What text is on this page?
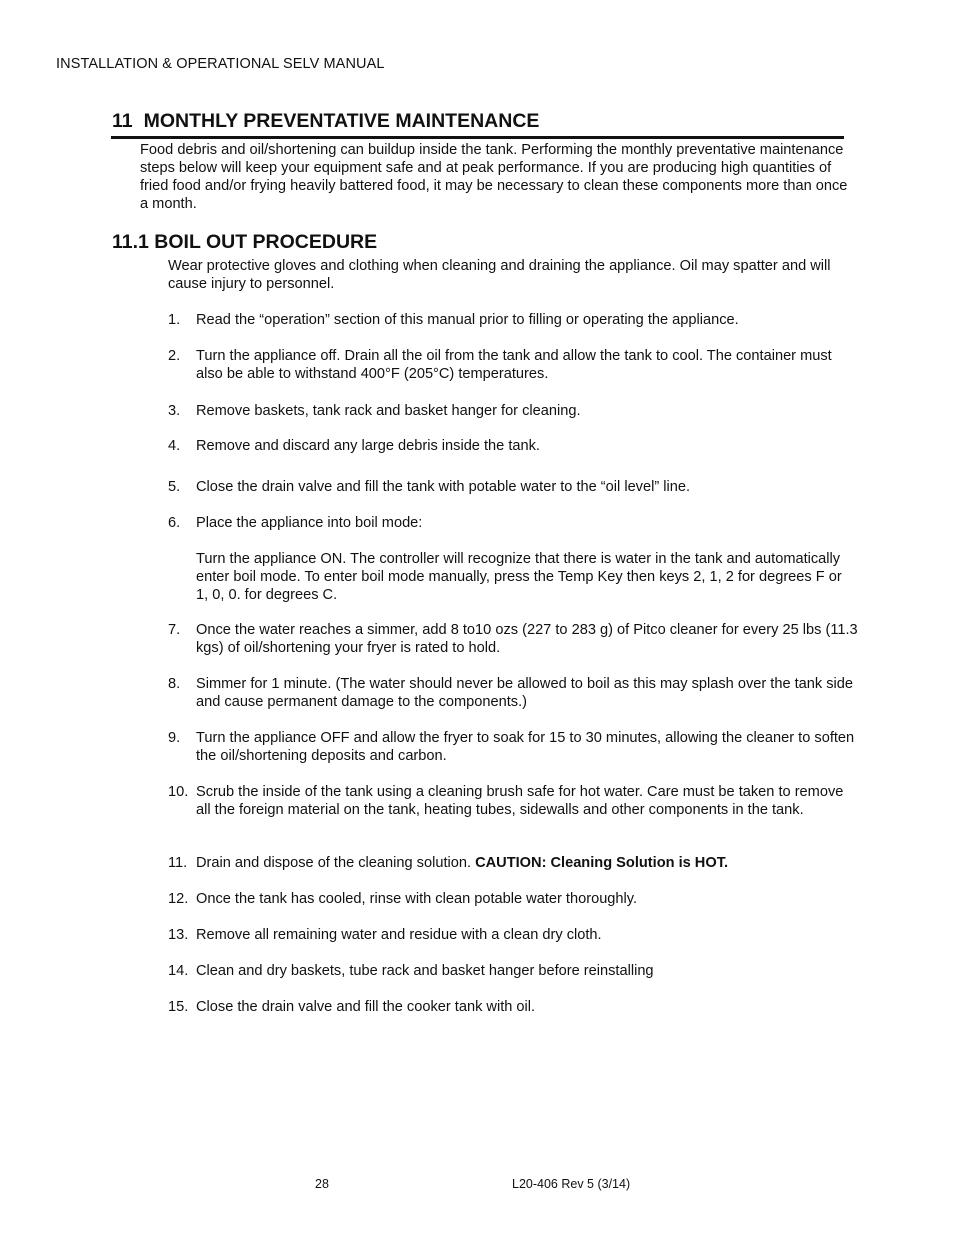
INSTALLATION & OPERATIONAL SELV MANUAL
11 MONTHLY PREVENTATIVE MAINTENANCE
Food debris and oil/shortening can buildup inside the tank. Performing the monthly preventative maintenance steps below will keep your equipment safe and at peak performance. If you are producing high quantities of fried food and/or frying heavily battered food, it may be necessary to clean these components more than once a month.
11.1 BOIL OUT PROCEDURE
Wear protective gloves and clothing when cleaning and draining the appliance. Oil may spatter and will cause injury to personnel.
1.	Read the “operation” section of this manual prior to filling or operating the appliance.
2.	Turn the appliance off. Drain all the oil from the tank and allow the tank to cool. The container must also be able to withstand 400°F (205°C) temperatures.
3.	Remove baskets, tank rack and basket hanger for cleaning.
4.	Remove and discard any large debris inside the tank.
5.	Close the drain valve and fill the tank with potable water to the “oil level” line.
6.	Place the appliance into boil mode:
Turn the appliance ON. The controller will recognize that there is water in the tank and automatically enter boil mode. To enter boil mode manually, press the Temp Key then keys 2, 1, 2 for degrees F or 1, 0, 0. for degrees C.
7.	Once the water reaches a simmer, add 8 to10 ozs (227 to 283 g) of Pitco cleaner for every 25 lbs (11.3 kgs) of oil/shortening your fryer is rated to hold.
8.	Simmer for 1 minute. (The water should never be allowed to boil as this may splash over the tank side and cause permanent damage to the components.)
9.	Turn the appliance OFF and allow the fryer to soak for 15 to 30 minutes, allowing the cleaner to soften the oil/shortening deposits and carbon.
10. Scrub the inside of the tank using a cleaning brush safe for hot water. Care must be taken to remove all the foreign material on the tank, heating tubes, sidewalls and other components in the tank.
11. Drain and dispose of the cleaning solution. CAUTION: Cleaning Solution is HOT.
12. Once the tank has cooled, rinse with clean potable water thoroughly.
13. Remove all remaining water and residue with a clean dry cloth.
14. Clean and dry baskets, tube rack and basket hanger before reinstalling
15. Close the drain valve and fill the cooker tank with oil.
28	L20-406 Rev 5 (3/14)
